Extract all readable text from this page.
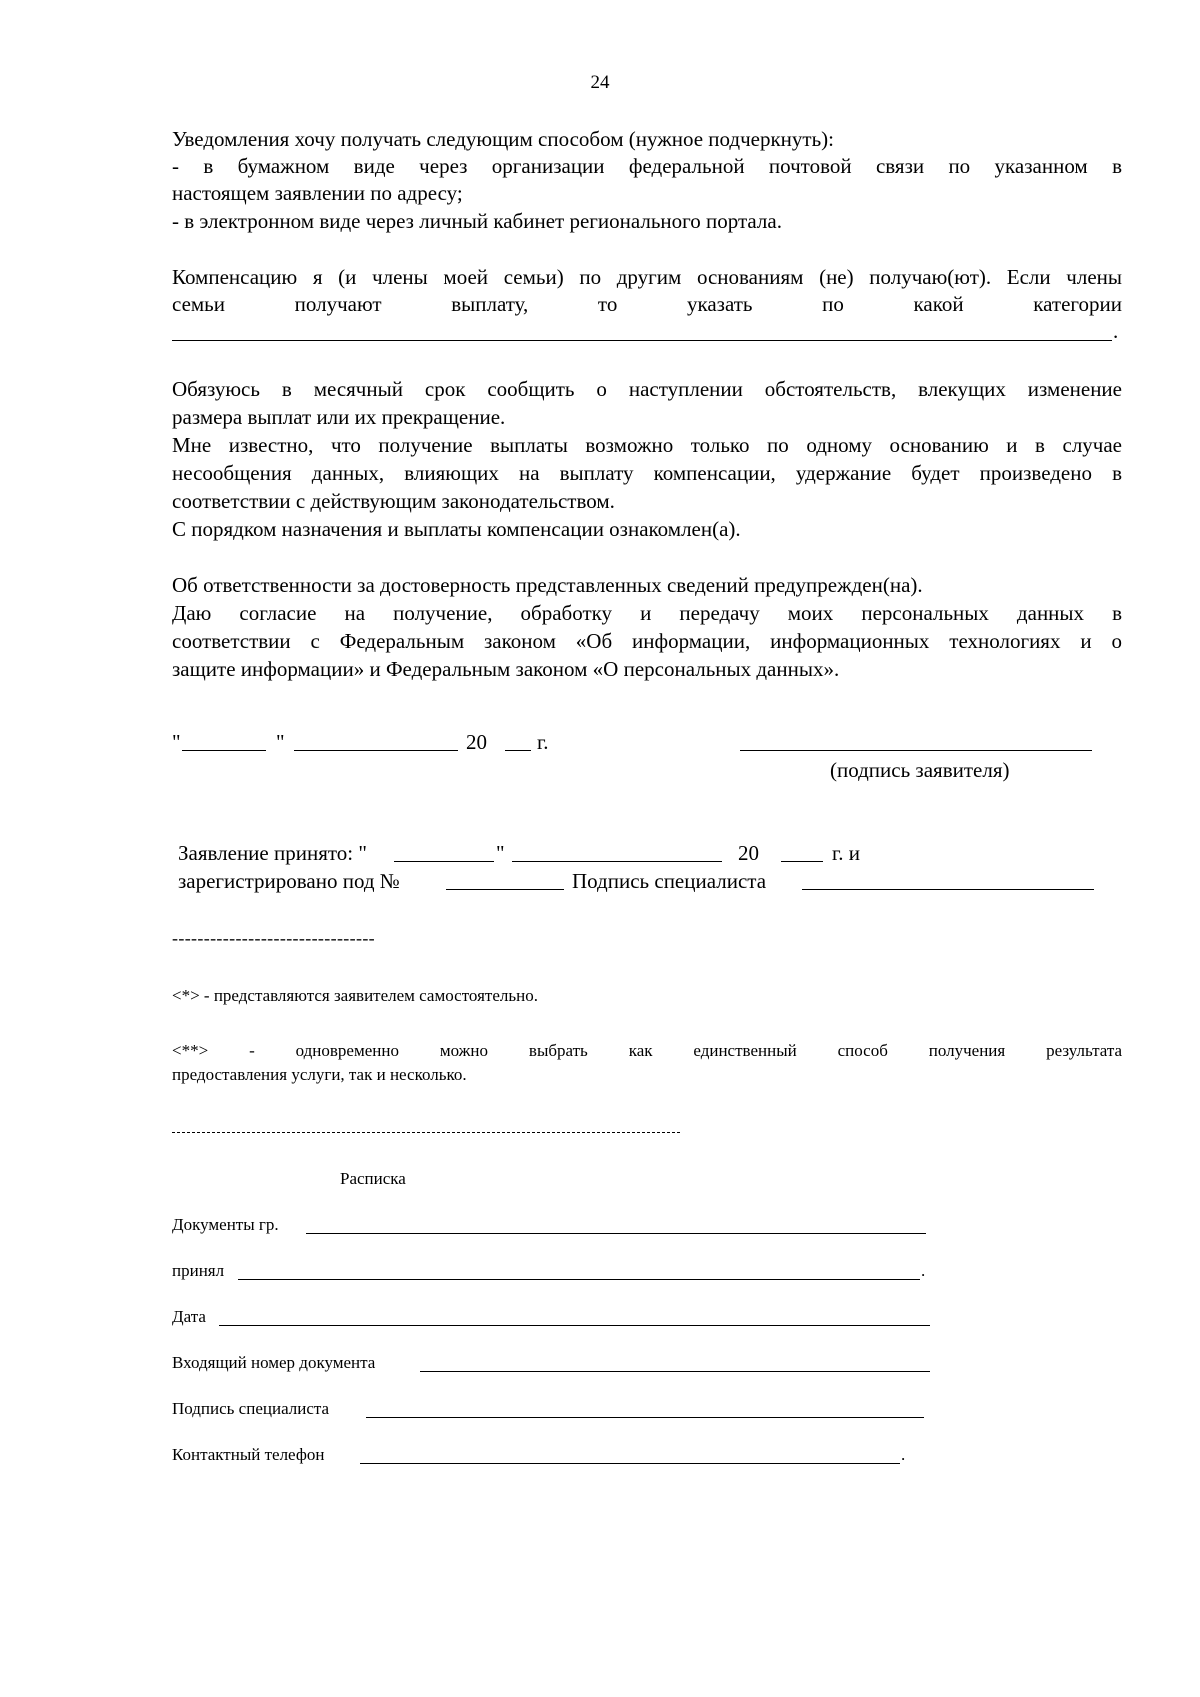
24
Уведомления хочу получать следующим способом (нужное подчеркнуть):
- в бумажном виде через организации федеральной почтовой связи по указанном в
настоящем заявлении по адресу;
- в электронном виде через личный кабинет регионального портала.
Компенсацию я (и члены моей семьи) по другим основаниям (не) получаю(ют). Если члены
семьи получают выплату, то указать по какой категории
.
Обязуюсь в месячный срок сообщить о наступлении обстоятельств, влекущих изменение
размера выплат или их прекращение.
Мне известно, что получение выплаты возможно только по одному основанию и в случае
несообщения данных, влияющих на выплату компенсации, удержание будет произведено в
соответствии с действующим законодательством.
С порядком назначения и выплаты компенсации ознакомлен(а).
Об ответственности за достоверность представленных сведений предупрежден(на).
Даю согласие на получение, обработку и передачу моих персональных данных в
соответствии с Федеральным законом «Об информации, информационных технологиях и о
защите информации» и Федеральным законом «О персональных данных».
"	"	20 г.
(подпись заявителя)
Заявление принято: "	"	20	г. и
зарегистрировано под №	Подпись специалиста
--------------------------------
<*> - представляются заявителем самостоятельно.
<**> - одновременно можно выбрать как единственный способ получения результата
предоставления услуги, так и несколько.
Расписка
Документы гр.
принял	.
Дата
Входящий номер документа
Подпись специалиста
Контактный телефон	.
